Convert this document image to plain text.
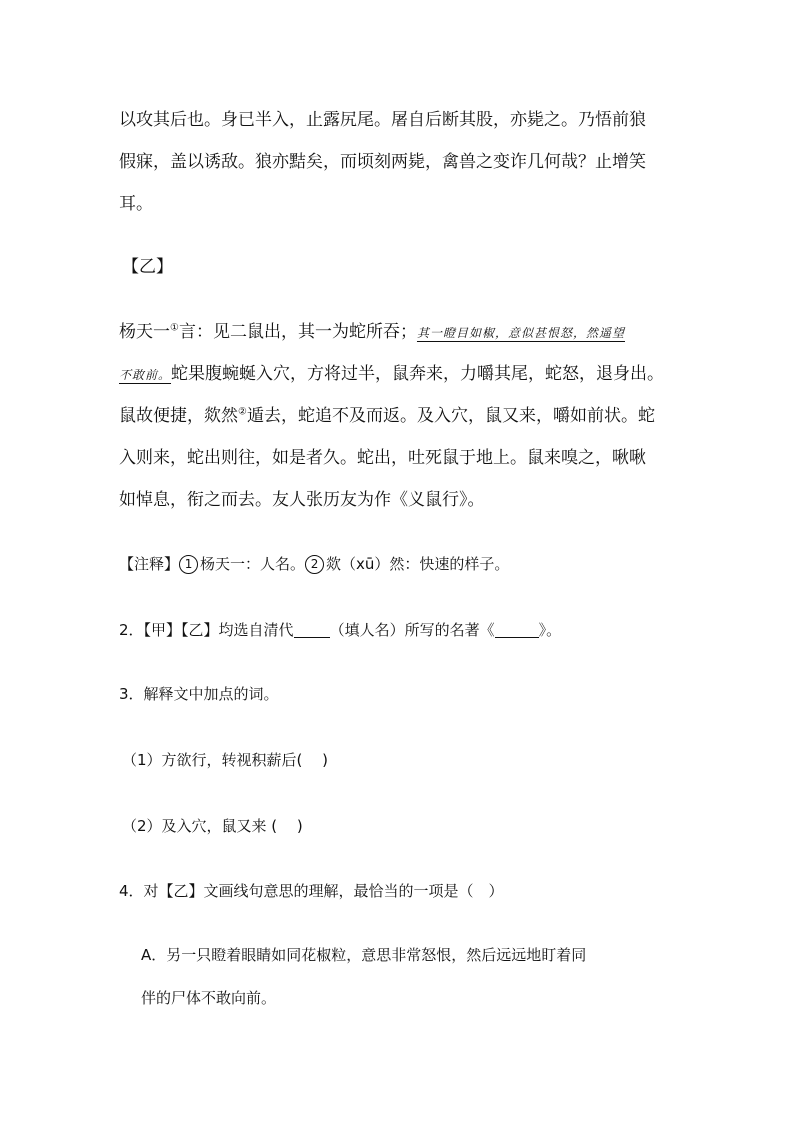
以攻其后也。身已半入，止露尻尾。屠自后断其股，亦毙之。乃悟前狼
假寐，盖以诱敌。狼亦黠矣，而顷刻两毙，禽兽之变诈几何哉？止增笑
耳。
【乙】
杨天一①言：见二鼠出，其一为蛇所吞；其一瞪目如椒，意似甚恨怒，然遥望
不敢前。蛇果腹蜿蜒入穴，方将过半，鼠奔来，力嚼其尾，蛇怒，退身出。
鼠故便捷，欻然②遁去，蛇追不及而返。及入穴，鼠又来，嚼如前状。蛇
入则来，蛇出则往，如是者久。蛇出，吐死鼠于地上。鼠来嗅之，啾啾
如悼息，衔之而去。友人张历友为作《义鼠行》。
【注释】 1 杨天一：人名。 2 欻（xū）然：快速的样子。
2．【甲】【乙】均选自清代 （填人名）所写的名著《	》。
3．解释文中加点的词。
（1）方欲行，转视积薪后(　 )
（2）及入穴，鼠又来 (　 )
4．对【乙】文画线句意思的理解，最恰当的一项是（　）
A．另一只瞪着眼睛如同花椒粒，意思非常怒恨，然后远远地盯着同
伴的尸体不敢向前。
